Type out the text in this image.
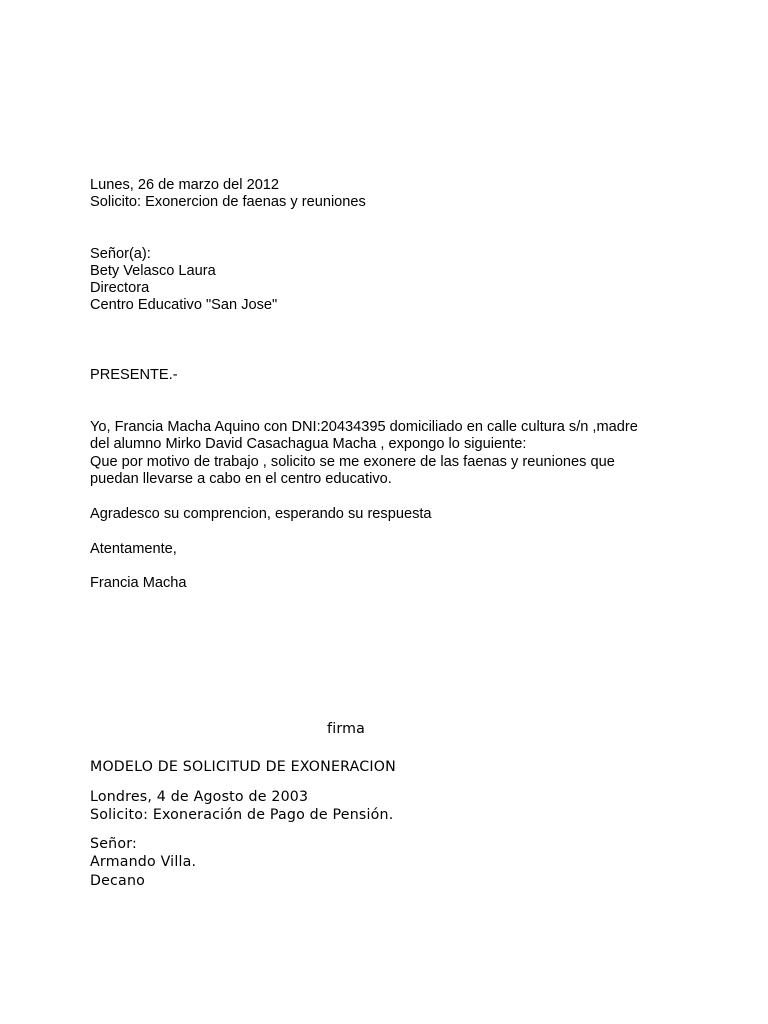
Lunes, 26 de marzo del 2012
Solicito: Exonercion de faenas y reuniones
Señor(a):
Bety Velasco Laura
Directora
Centro Educativo "San Jose"
PRESENTE.-
Yo, Francia Macha Aquino con DNI:20434395 domiciliado en calle cultura s/n ,madre
del alumno Mirko David Casachagua Macha , expongo lo siguiente:
Que por motivo de trabajo , solicito se me exonere de las faenas y reuniones que
puedan llevarse a cabo en el centro educativo.
Agradesco su comprencion, esperando su respuesta
Atentamente,
Francia Macha
firma
MODELO DE SOLICITUD DE EXONERACION
Londres, 4 de Agosto de 2003
Solicito: Exoneración de Pago de Pensión.
Señor:
Armando Villa.
Decano
